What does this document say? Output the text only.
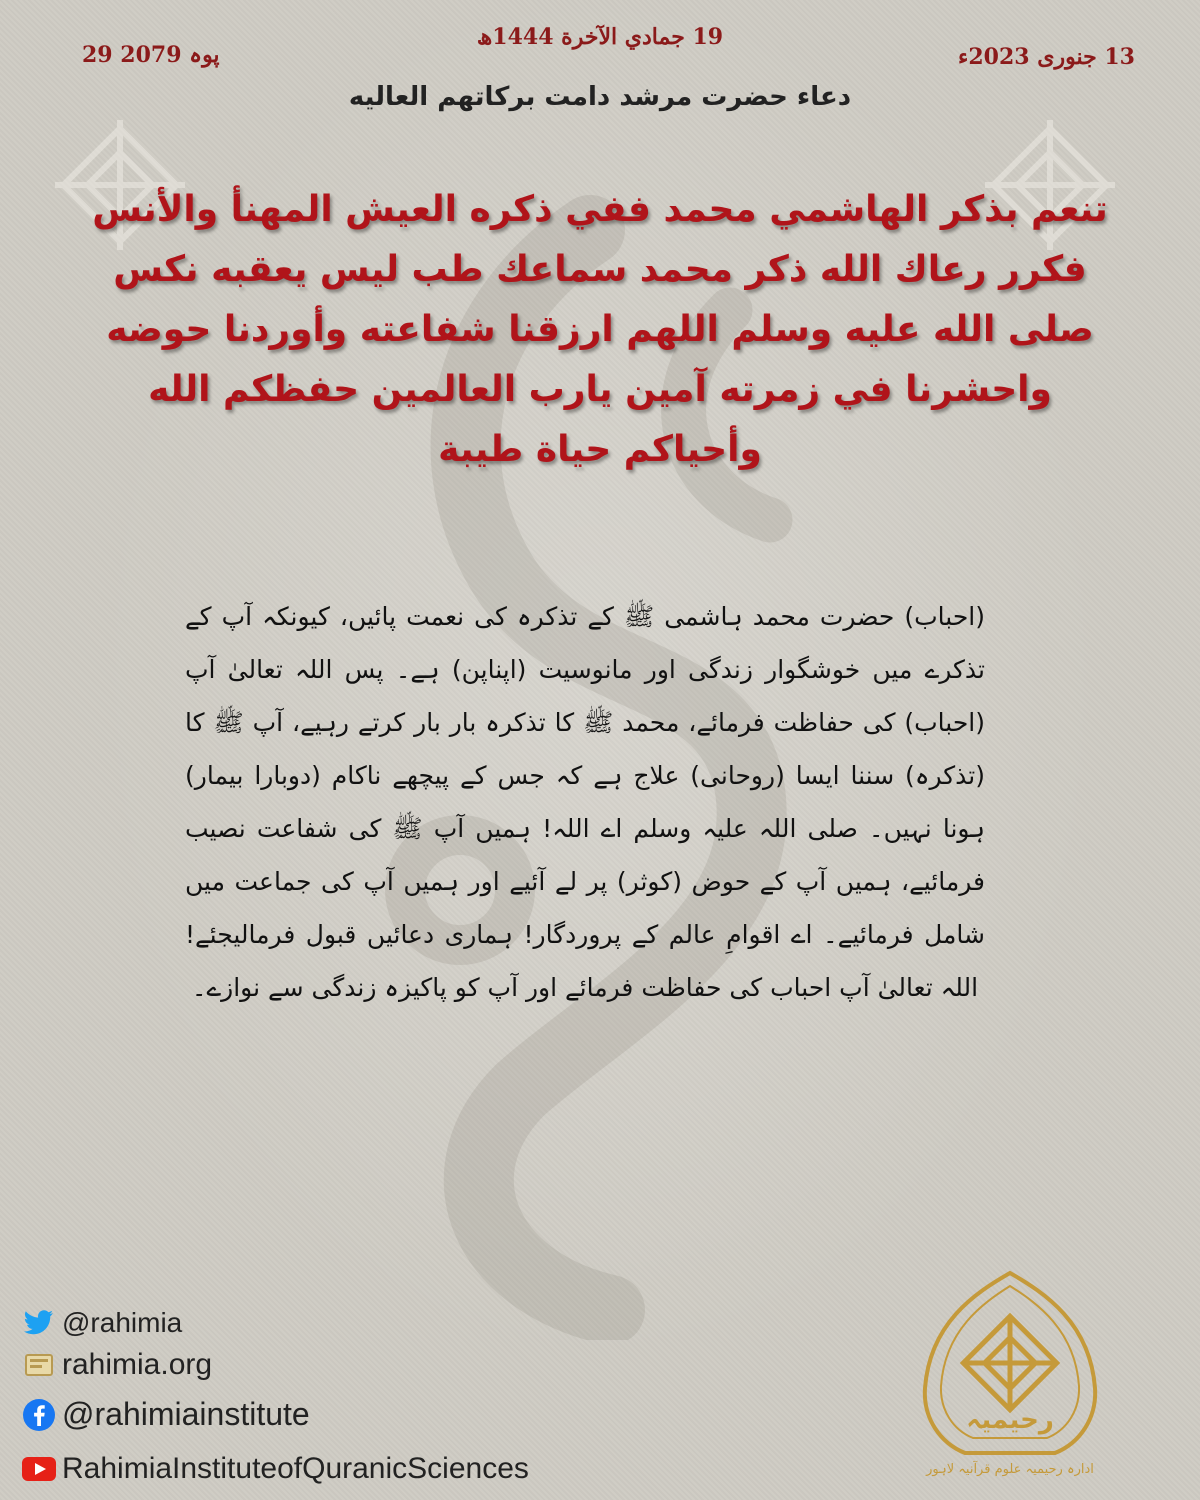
29 پوہ 2079
19 جمادي الآخرة 1444ھ
13 جنوری 2023ء
دعاء حضرت مرشد دامت برکاتهم العاليه
تنعم بذكر الهاشمي محمد ففي ذكره العيش المهنأ والأنس فكرر رعاك الله ذكر محمد سماعك طب ليس يعقبه نكس صلى الله عليه وسلم اللهم ارزقنا شفاعته وأوردنا حوضه واحشرنا في زمرته آمين يارب العالمين حفظكم الله وأحياكم حياة طيبة
(احباب) حضرت محمد ہاشمی ﷺ کے تذکرہ کی نعمت پائیں، کیونکہ آپ کے تذکرے میں خوشگوار زندگی اور مانوسیت (اپناپن) ہے۔ پس اللہ تعالیٰ آپ (احباب) کی حفاظت فرمائے، محمد ﷺ کا تذکرہ بار بار کرتے رہیے، آپ ﷺ کا (تذکرہ) سننا ایسا (روحانی) علاج ہے کہ جس کے پیچھے ناکام (دوبارا بیمار) ہونا نہیں۔ صلی اللہ علیہ وسلم اے اللہ! ہمیں آپ ﷺ کی شفاعت نصیب فرمائیے، ہمیں آپ کے حوض (کوثر) پر لے آئیے اور ہمیں آپ کی جماعت میں شامل فرمائیے۔ اے اقوامِ عالم کے پروردگار! ہماری دعائیں قبول فرمالیجئے! اللہ تعالیٰ آپ احباب کی حفاظت فرمائے اور آپ کو پاکیزہ زندگی سے نوازے۔
@rahimia
rahimia.org
@rahimiainstitute
RahimiaInstituteofQuranicSciences
رحیمیہ
ادارہ رحیمیہ علوم قرآنیہ لاہور
